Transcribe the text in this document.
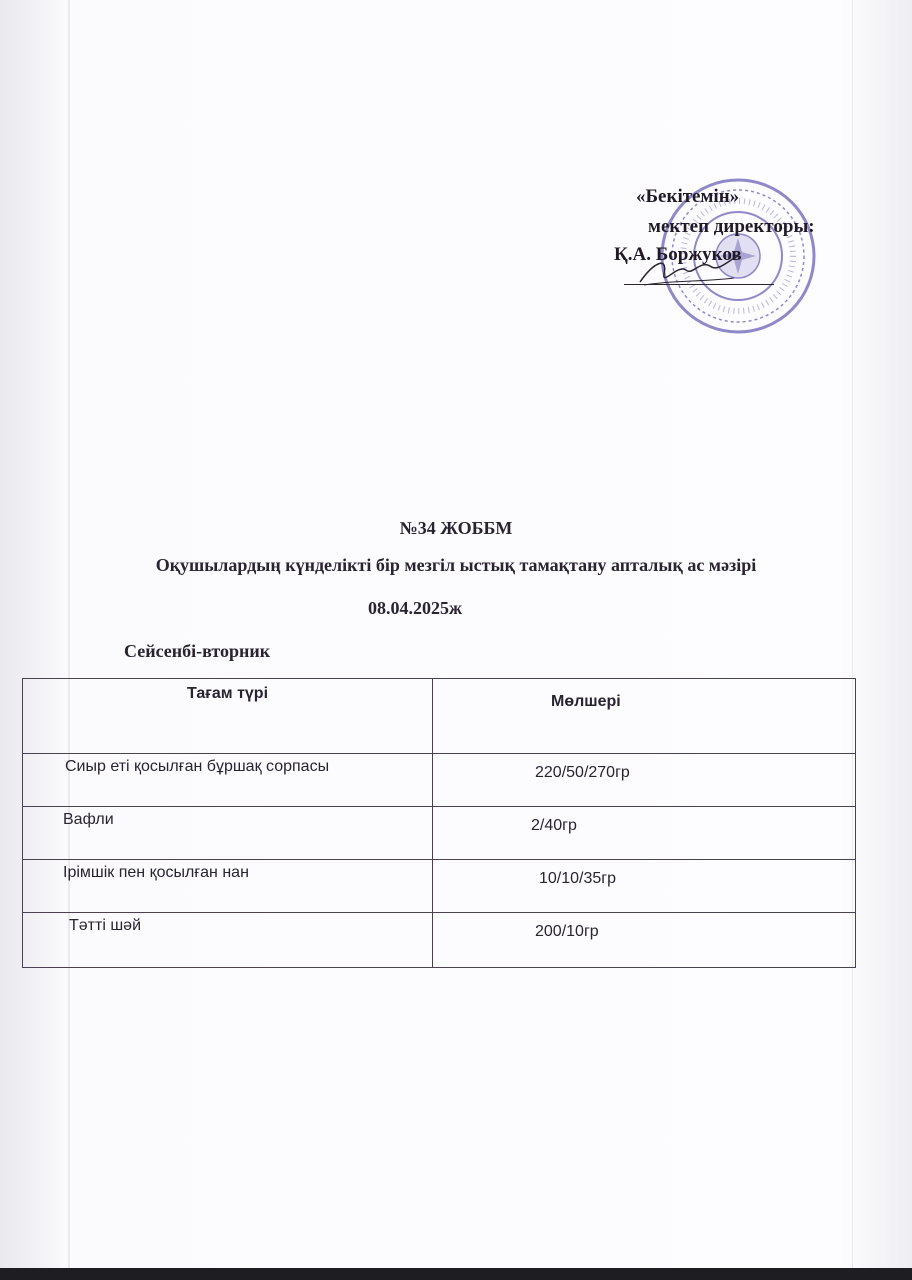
«Бекітемін»
мектеп директоры:
Қ.А. Боржуков
№34 ЖОББМ
Оқушылардың күнделікті бір мезгіл ыстық тамақтану апталық ас мәзірі
08.04.2025ж
Сейсенбі-вторник
Тағам түрі	Мөлшері
Сиыр еті қосылған бұршақ сорпасы	220/50/270гр
Вафли	2/40гр
Ірімшік пен қосылған нан	10/10/35гр
Тәтті шәй	200/10гр
